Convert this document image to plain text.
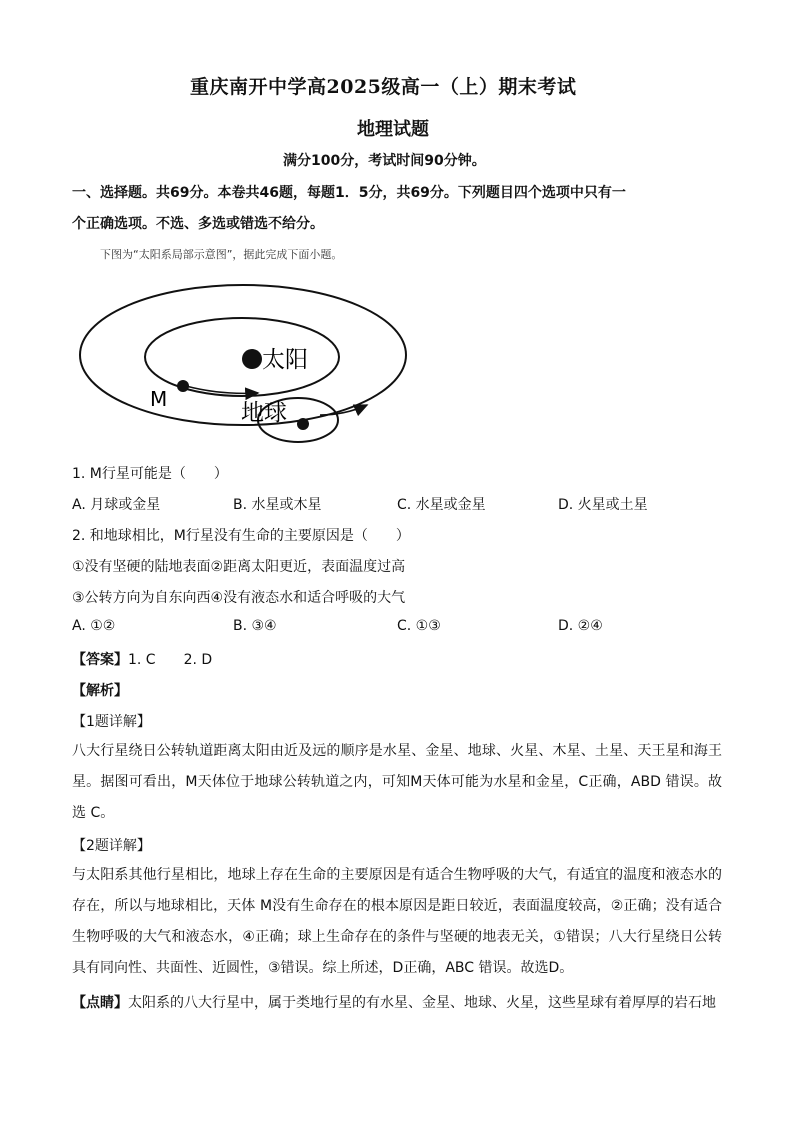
重庆南开中学高2025级高一（上）期末考试
地理试题
满分100分，考试时间90分钟。
一、选择题。共69分。本卷共46题，每题1．5分，共69分。下列题目四个选项中只有一
个正确选项。不选、多选或错选不给分。
下图为“太阳系局部示意图”，据此完成下面小题。
太阳
M
地球
1. M行星可能是（　　）
A. 月球或金星	B. 水星或木星	C. 水星或金星	D. 火星或土星
2. 和地球相比，M行星没有生命的主要原因是（　　）
①没有坚硬的陆地表面②距离太阳更近，表面温度过高
③公转方向为自东向西④没有液态水和适合呼吸的大气
A. ①②	B. ③④	C. ①③	D. ②④
【答案】1. C　　2. D
【解析】
【1题详解】
八大行星绕日公转轨道距离太阳由近及远的顺序是水星、金星、地球、火星、木星、土星、天王星和海王星。据图可看出，M天体位于地球公转轨道之内，可知M天体可能为水星和金星，C正确，ABD 错误。故选 C。
【2题详解】
与太阳系其他行星相比，地球上存在生命的主要原因是有适合生物呼吸的大气，有适宜的温度和液态水的存在，所以与地球相比，天体 M没有生命存在的根本原因是距日较近，表面温度较高，②正确；没有适合生物呼吸的大气和液态水，④正确；球上生命存在的条件与坚硬的地表无关，①错误；八大行星绕日公转具有同向性、共面性、近圆性，③错误。综上所述，D正确，ABC 错误。故选D。
【点睛】太阳系的八大行星中，属于类地行星的有水星、金星、地球、火星，这些星球有着厚厚的岩石地
